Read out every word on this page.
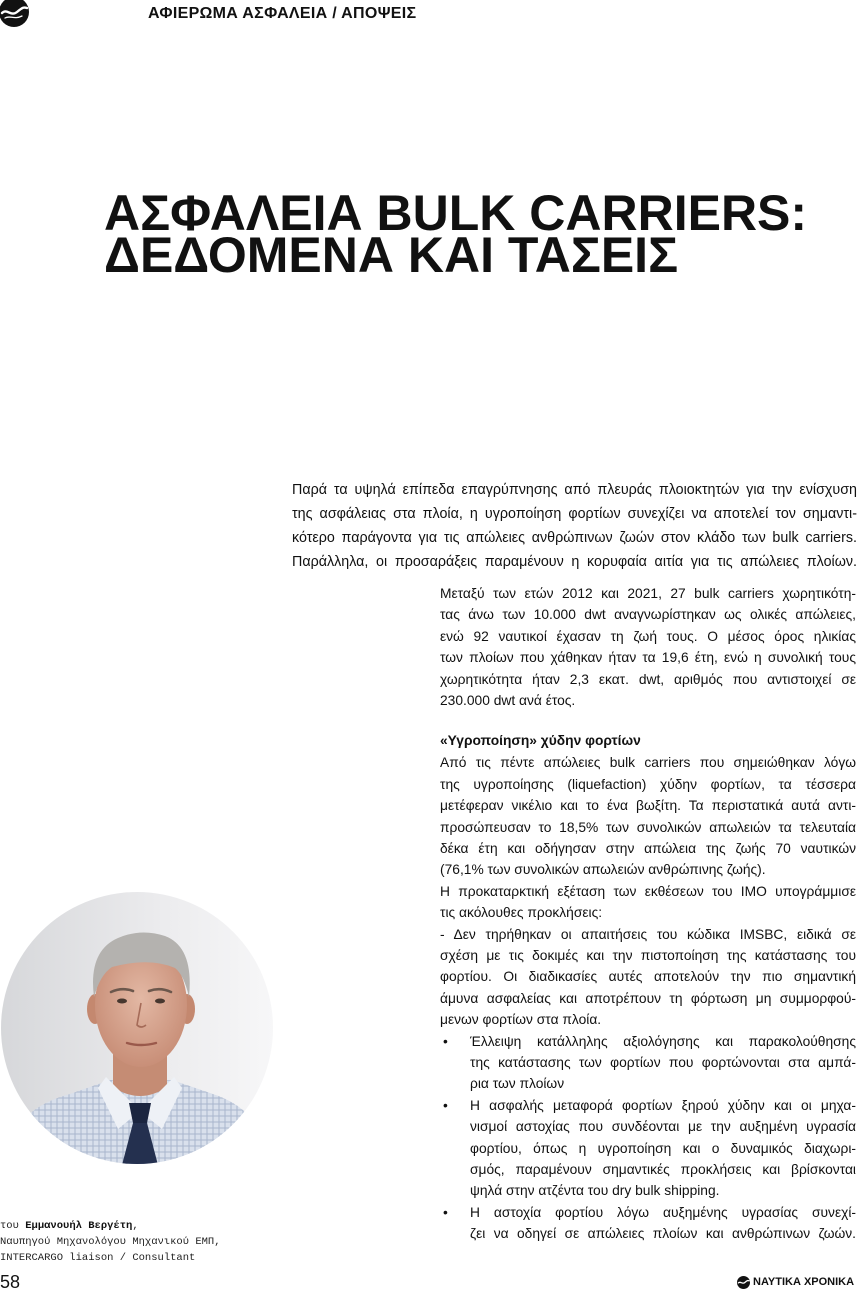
ΑΦΙΕΡΩΜΑ ΑΣΦΑΛΕΙΑ / ΑΠΟΨΕΙΣ
ΑΣΦΑΛΕΙΑ BULK CARRIERS:
ΔΕΔΟΜΕΝΑ ΚΑΙ ΤΑΣΕΙΣ
Παρά τα υψηλά επίπεδα επαγρύπνησης από πλευράς πλοιοκτητών για την ενίσχυση
της ασφάλειας στα πλοία, η υγροποίηση φορτίων συνεχίζει να αποτελεί τον σημαντι-
κότερο παράγοντα για τις απώλειες ανθρώπινων ζωών στον κλάδο των bulk carriers.
Παράλληλα, οι προσαράξεις παραμένουν η κορυφαία αιτία για τις απώλειες πλοίων.
Μεταξύ των ετών 2012 και 2021, 27 bulk carriers χωρητικότη-
τας άνω των 10.000 dwt αναγνωρίστηκαν ως ολικές απώλειες,
ενώ 92 ναυτικοί έχασαν τη ζωή τους. Ο μέσος όρος ηλικίας
των πλοίων που χάθηκαν ήταν τα 19,6 έτη, ενώ η συνολική τους
χωρητικότητα ήταν 2,3 εκατ. dwt, αριθμός που αντιστοιχεί σε
230.000 dwt ανά έτος.
«Υγροποίηση» χύδην φορτίων
Από τις πέντε απώλειες bulk carriers που σημειώθηκαν λόγω
της υγροποίησης (liquefaction) χύδην φορτίων, τα τέσσερα
μετέφεραν νικέλιο και το ένα βωξίτη. Τα περιστατικά αυτά αντι-
προσώπευσαν το 18,5% των συνολικών απωλειών τα τελευταία
δέκα έτη και οδήγησαν στην απώλεια της ζωής 70 ναυτικών
(76,1% των συνολικών απωλειών ανθρώπινης ζωής).
Η προκαταρκτική εξέταση των εκθέσεων του IMO υπογράμμισε
τις ακόλουθες προκλήσεις:
- Δεν τηρήθηκαν οι απαιτήσεις του κώδικα IMSBC, ειδικά σε
σχέση με τις δοκιμές και την πιστοποίηση της κατάστασης του
φορτίου. Οι διαδικασίες αυτές αποτελούν την πιο σημαντική
άμυνα ασφαλείας και αποτρέπουν τη φόρτωση μη συμμορφού-
μενων φορτίων στα πλοία.
• Έλλειψη κατάλληλης αξιολόγησης και παρακολούθησης
της κατάστασης των φορτίων που φορτώνονται στα αμπά-
ρια των πλοίων
• Η ασφαλής μεταφορά φορτίων ξηρού χύδην και οι μηχα-
νισμοί αστοχίας που συνδέονται με την αυξημένη υγρασία
φορτίου, όπως η υγροποίηση και ο δυναμικός διαχωρι-
σμός, παραμένουν σημαντικές προκλήσεις και βρίσκονται
ψηλά στην ατζέντα του dry bulk shipping.
• Η αστοχία φορτίου λόγω αυξημένης υγρασίας συνεχί-
ζει να οδηγεί σε απώλειες πλοίων και ανθρώπινων ζωών.
του Εμμανουήλ Βεργέτη,
Ναυπηγού Μηχανολόγου Μηχανικού ΕΜΠ,
INTERCARGO liaison / Consultant
58	ΝΑΥΤΙΚΑ ΧΡΟΝΙΚΑ
